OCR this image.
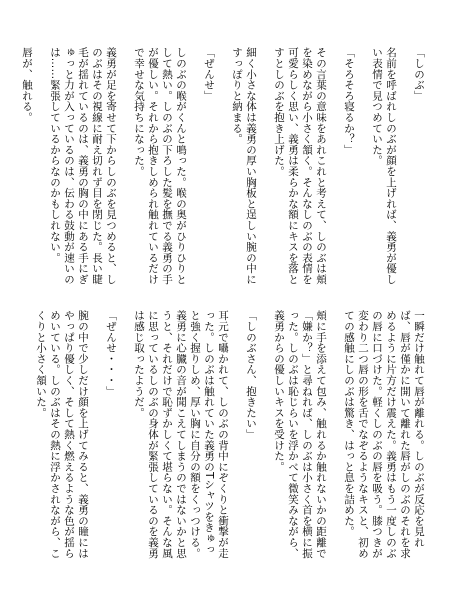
「しのぶ」

名前を呼ばれしのぶが顔を上げれば、義勇が優しい表情で見つめていた。

「そろそろ寝るか？」

その言葉の意味をあれこれと考えて、しのぶは頬を染めながら小さく頷く。そんなしのぶの表情を可愛らしく思い、義勇は柔らかな額にキスを落とすとしのぶを抱き上げた。

細く小さな体は義勇の厚い胸板と逞しい腕の中にすっぽりと納まる。

「ぜんせ」

しのぶの喉がくんと鳴った。喉の奥がひりひりとして熱い。しのぶの下ろした髪を撫でる義勇の手が優しい。それから抱きしめられ触れているだけで幸せな気持ちになった。

義勇が足を寄せて下からしのぶを見つめると、しのぶはその視線に耐え切れず目を閉じた。長い睫毛が揺れているのは、義勇の胸の中にある手にぎゅっと力が入っているのは、伝わる鼓動が速いのは……緊張しているからなのかもしれない。

唇が、触れる。

一瞬だけ触れて唇が離れる。しのぶが反応を見れば、唇が僅かに開いて離れた唇がしのぶのそれを求めるように片方だけ震えた。義勇はもう一度しのぶの唇に口づけた。軽くしのぶの唇を吸う。膝つきが変わり二つ唇の形を舌でなぞるようなキスと、初めての感触にしのぶは驚き、はっと息を詰めた。

頬に手を添えて包み、触れるか触れないかの距離で「嫌か？」と尋ねれば、しのぶは小さく首を横に振った。しのぶは恥じらいを浮かべて微笑みながら、義勇からの優しいキスを受けた。

「しのぶさん、抱きたい」

耳元で囁かれて、しのぶの背中にぞくりと衝撃が走った。しのぶは触れていた義勇のTシャツをきゅっと強く握りしめ、厚い胸に自分の額をくっつける。義勇に心臓の音が聞こえてしまうのではないかと思うと、それだけで恥ずかしくて堪らない。そんな風に思っているしのぶの身体が緊張しているのを義勇は感じ取ったようだ。

「ぜんせ・・・」

腕の中で少しだけ顔を上げてみると、義勇の瞳にはやっぱり優しく、そして熱く燃えるような色が揺らめいている。しのぶはその熱に浮かされながら、こくりと小さく頷いた。
